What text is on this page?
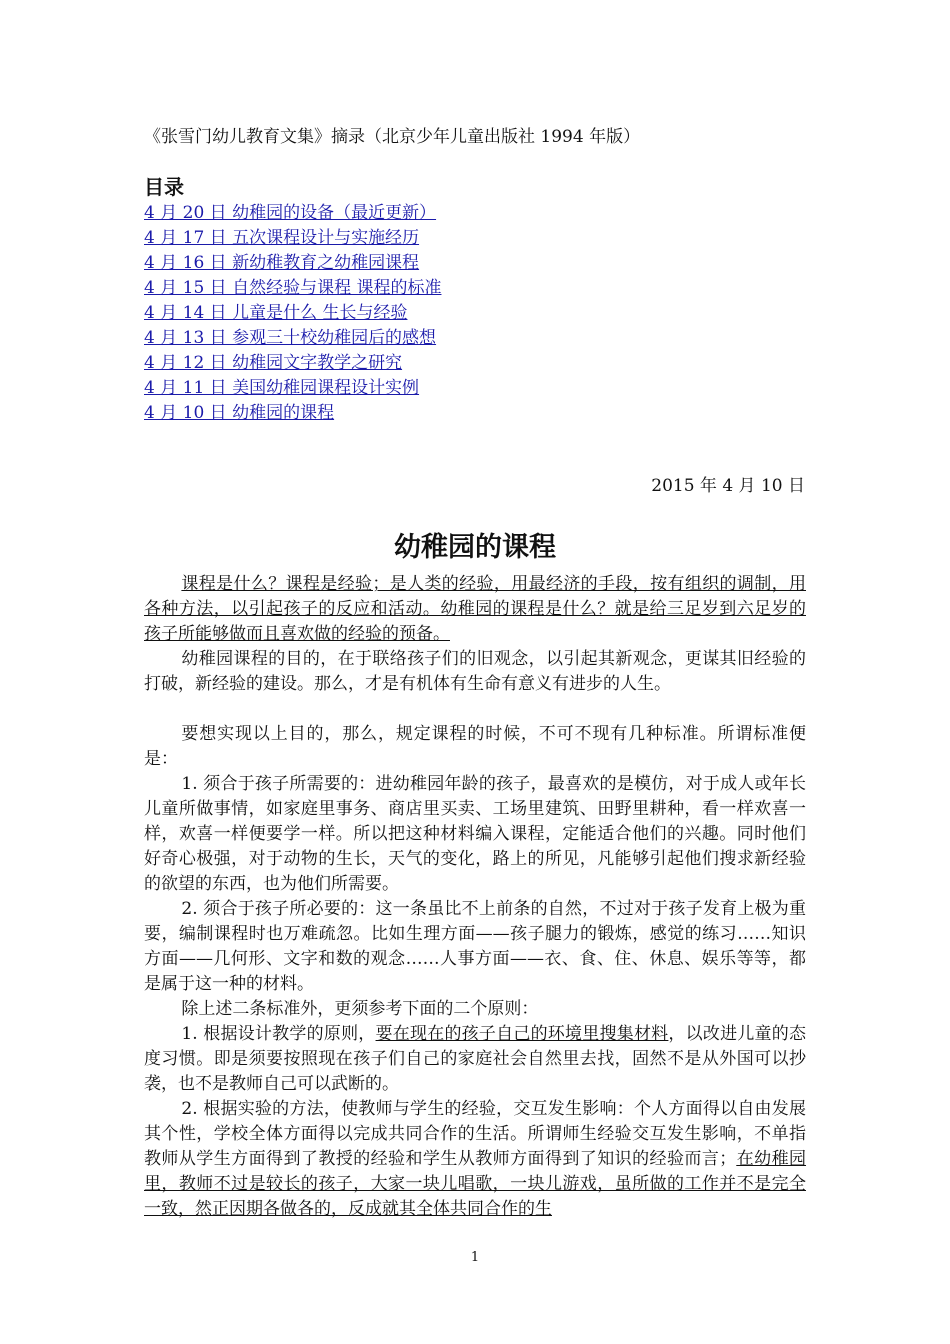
《张雪门幼儿教育文集》摘录（北京少年儿童出版社 1994 年版）
目录
4 月 20 日 幼稚园的设备（最近更新）
4 月 17 日 五次课程设计与实施经历
4 月 16 日 新幼稚教育之幼稚园课程
4 月 15 日 自然经验与课程 课程的标准
4 月 14 日 儿童是什么 生长与经验
4 月 13 日 参观三十校幼稚园后的感想
4 月 12 日 幼稚园文字教学之研究
4 月 11 日 美国幼稚园课程设计实例
4 月 10 日 幼稚园的课程
2015 年 4 月 10 日
幼稚园的课程

课程是什么？课程是经验；是人类的经验，用最经济的手段，按有组织的调制，用各种方法，以引起孩子的反应和活动。幼稚园的课程是什么？就是给三足岁到六足岁的孩子所能够做而且喜欢做的经验的预备。

幼稚园课程的目的，在于联络孩子们的旧观念，以引起其新观念，更谋其旧经验的打破，新经验的建设。那么，才是有机体有生命有意义有进步的人生。

要想实现以上目的，那么，规定课程的时候，不可不现有几种标准。所谓标准便是：

1. 须合于孩子所需要的：进幼稚园年龄的孩子，最喜欢的是模仿，对于成人或年长儿童所做事情，如家庭里事务、商店里买卖、工场里建筑、田野里耕种，看一样欢喜一样，欢喜一样便要学一样。所以把这种材料编入课程，定能适合他们的兴趣。同时他们好奇心极强，对于动物的生长，天气的变化，路上的所见，凡能够引起他们搜求新经验的欲望的东西，也为他们所需要。

2. 须合于孩子所必要的：这一条虽比不上前条的自然，不过对于孩子发育上极为重要，编制课程时也万难疏忽。比如生理方面——孩子腿力的锻炼，感觉的练习……知识方面——几何形、文字和数的观念……人事方面——衣、食、住、休息、娱乐等等，都是属于这一种的材料。

除上述二条标准外，更须参考下面的二个原则：

1. 根据设计教学的原则，要在现在的孩子自己的环境里搜集材料，以改进儿童的态度习惯。即是须要按照现在孩子们自己的家庭社会自然里去找，固然不是从外国可以抄袭，也不是教师自己可以武断的。

2. 根据实验的方法，使教师与学生的经验，交互发生影响：个人方面得以自由发展其个性，学校全体方面得以完成共同合作的生活。所谓师生经验交互发生影响，不单指教师从学生方面得到了教授的经验和学生从教师方面得到了知识的经验而言；在幼稚园里，教师不过是较长的孩子，大家一块儿唱歌，一块儿游戏，虽所做的工作并不是完全一致，然正因期各做各的，反成就其全体共同合作的生

1
